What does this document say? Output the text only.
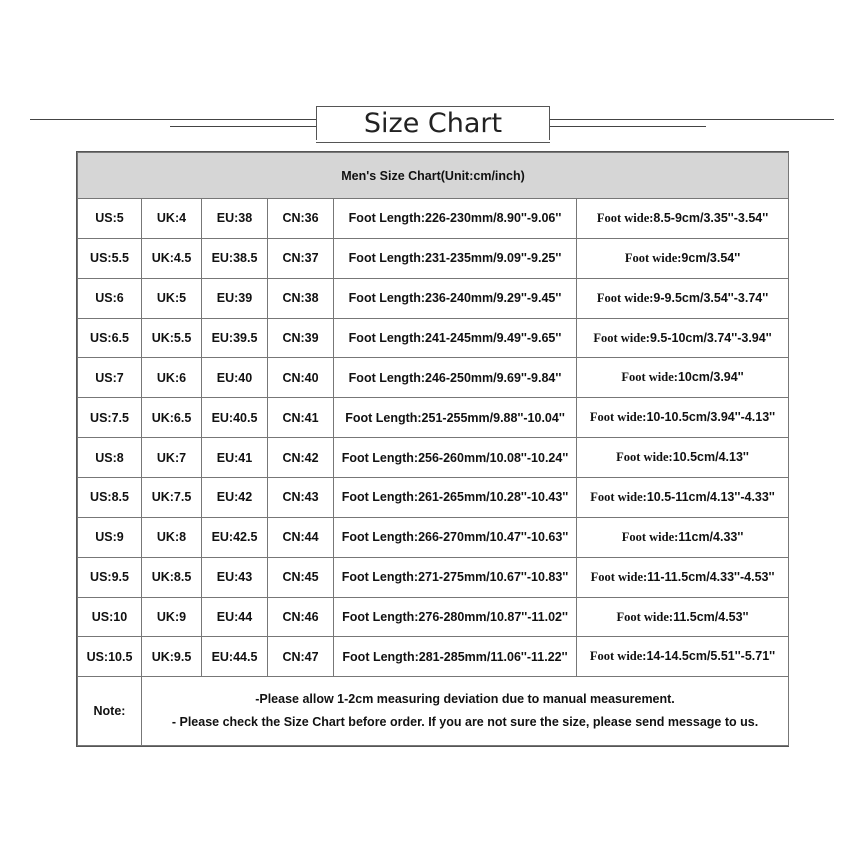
Size Chart
Men's Size Chart(Unit:cm/inch)					
US:5	UK:4	EU:38	CN:36	Foot Length:226-230mm/8.90''-9.06''	Foot wide:8.5-9cm/3.35''-3.54''
US:5.5	UK:4.5	EU:38.5	CN:37	Foot Length:231-235mm/9.09''-9.25''	Foot wide:9cm/3.54''
US:6	UK:5	EU:39	CN:38	Foot Length:236-240mm/9.29''-9.45''	Foot wide:9-9.5cm/3.54''-3.74''
US:6.5	UK:5.5	EU:39.5	CN:39	Foot Length:241-245mm/9.49''-9.65''	Foot wide:9.5-10cm/3.74''-3.94''
US:7	UK:6	EU:40	CN:40	Foot Length:246-250mm/9.69''-9.84''	Foot wide:10cm/3.94''
US:7.5	UK:6.5	EU:40.5	CN:41	Foot Length:251-255mm/9.88''-10.04''	Foot wide:10-10.5cm/3.94''-4.13''
US:8	UK:7	EU:41	CN:42	Foot Length:256-260mm/10.08''-10.24''	Foot wide:10.5cm/4.13''
US:8.5	UK:7.5	EU:42	CN:43	Foot Length:261-265mm/10.28''-10.43''	Foot wide:10.5-11cm/4.13''-4.33''
US:9	UK:8	EU:42.5	CN:44	Foot Length:266-270mm/10.47''-10.63''	Foot wide:11cm/4.33''
US:9.5	UK:8.5	EU:43	CN:45	Foot Length:271-275mm/10.67''-10.83''	Foot wide:11-11.5cm/4.33''-4.53''
US:10	UK:9	EU:44	CN:46	Foot Length:276-280mm/10.87''-11.02''	Foot wide:11.5cm/4.53''
US:10.5	UK:9.5	EU:44.5	CN:47	Foot Length:281-285mm/11.06''-11.22''	Foot wide:14-14.5cm/5.51''-5.71''
Note:	-Please allow 1-2cm measuring deviation due to manual measurement.
- Please check the Size Chart before order. If you are not sure the size, please send message to us.				
